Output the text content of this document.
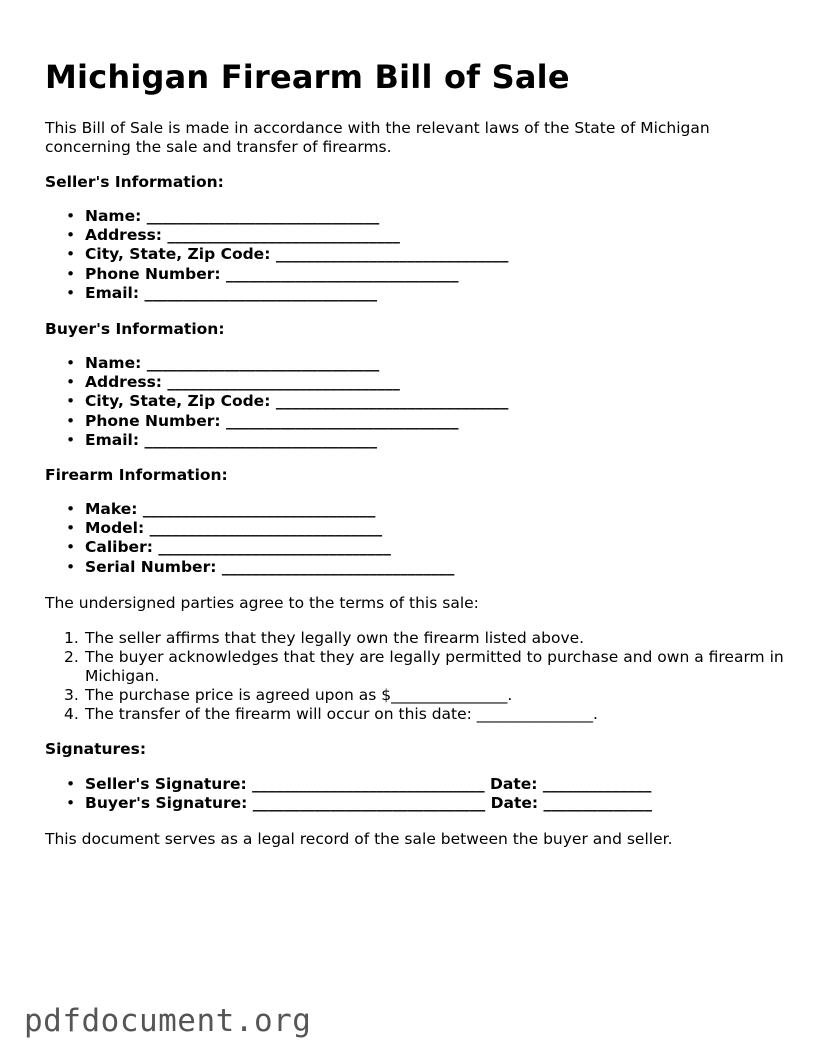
Michigan Firearm Bill of Sale
This Bill of Sale is made in accordance with the relevant laws of the State of Michigan concerning the sale and transfer of firearms.
Seller's Information:
• Name: ______________________________
• Address: ______________________________
• City, State, Zip Code: ______________________________
• Phone Number: ______________________________
• Email: ______________________________
Buyer's Information:
• Name: ______________________________
• Address: ______________________________
• City, State, Zip Code: ______________________________
• Phone Number: ______________________________
• Email: ______________________________
Firearm Information:
• Make: ______________________________
• Model: ______________________________
• Caliber: ______________________________
• Serial Number: ______________________________
The undersigned parties agree to the terms of this sale:
1. The seller affirms that they legally own the firearm listed above.
2. The buyer acknowledges that they are legally permitted to purchase and own a firearm in Michigan.
3. The purchase price is agreed upon as $_______________.
4. The transfer of the firearm will occur on this date: _______________.
Signatures:
• Seller's Signature: ______________________________ Date: ______________
• Buyer's Signature: ______________________________ Date: ______________
This document serves as a legal record of the sale between the buyer and seller.
pdfdocument.org
